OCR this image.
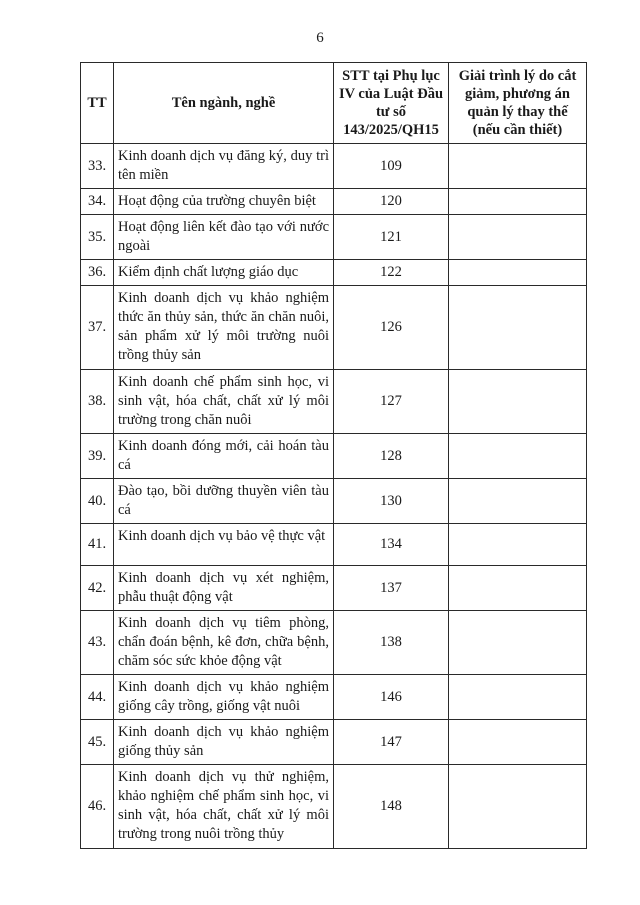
6
TT	Tên ngành, nghề	STT tại Phụ lục IV của Luật Đầu tư số 143/2025/QH15	Giải trình lý do cắt giảm, phương án quản lý thay thế (nếu cần thiết)
33.	Kinh doanh dịch vụ đăng ký, duy trì tên miền	109	
34.	Hoạt động của trường chuyên biệt	120	
35.	Hoạt động liên kết đào tạo với nước ngoài	121	
36.	Kiểm định chất lượng giáo dục	122	
37.	Kinh doanh dịch vụ khảo nghiệm thức ăn thủy sản, thức ăn chăn nuôi, sản phẩm xử lý môi trường nuôi trồng thủy sản	126	
38.	Kinh doanh chế phẩm sinh học, vi sinh vật, hóa chất, chất xử lý môi trường trong chăn nuôi	127	
39.	Kinh doanh đóng mới, cải hoán tàu cá	128	
40.	Đào tạo, bồi dưỡng thuyền viên tàu cá	130	
41.	Kinh doanh dịch vụ bảo vệ thực vật	134	
42.	Kinh doanh dịch vụ xét nghiệm, phẫu thuật động vật	137	
43.	Kinh doanh dịch vụ tiêm phòng, chẩn đoán bệnh, kê đơn, chữa bệnh, chăm sóc sức khỏe động vật	138	
44.	Kinh doanh dịch vụ khảo nghiệm giống cây trồng, giống vật nuôi	146	
45.	Kinh doanh dịch vụ khảo nghiệm giống thủy sản	147	
46.	Kinh doanh dịch vụ thử nghiệm, khảo nghiệm chế phẩm sinh học, vi sinh vật, hóa chất, chất xử lý môi trường trong nuôi trồng thủy	148	
